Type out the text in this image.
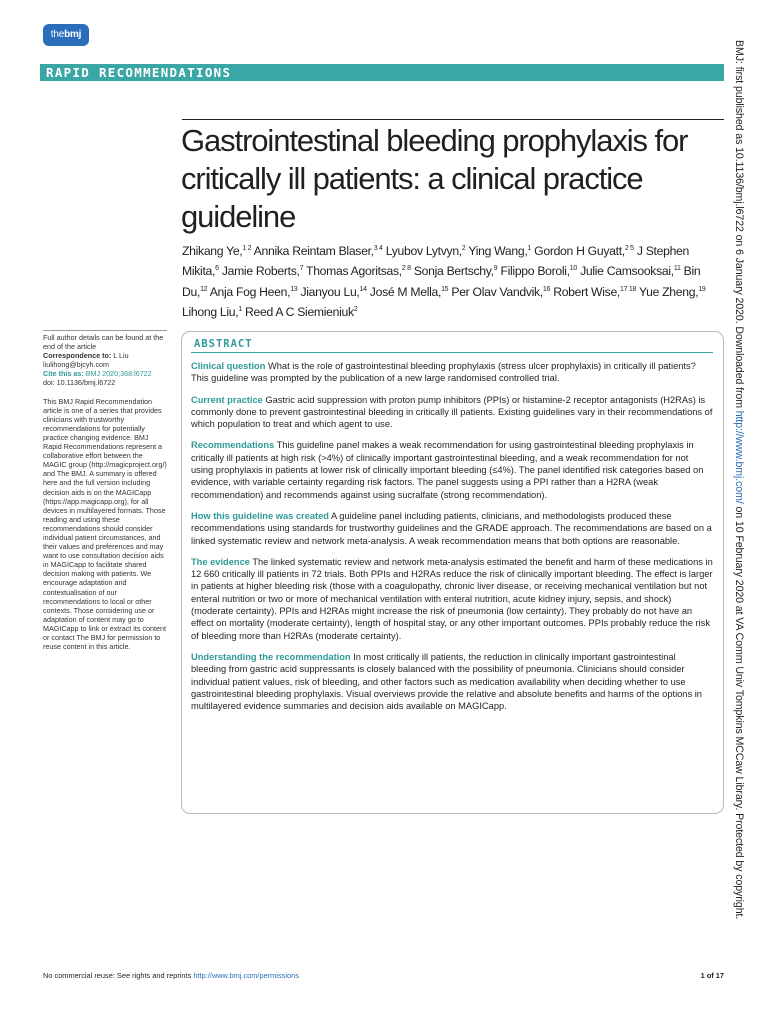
thebmj
RAPID RECOMMENDATIONS
Gastrointestinal bleeding prophylaxis for critically ill patients: a clinical practice guideline
Zhikang Ye,$^{1 2}$ Annika Reintam Blaser,$^{3 4}$ Lyubov Lytvyn,$^2$ Ying Wang,$^1$ Gordon H Guyatt,$^{2 5}$ J Stephen Mikita,$^6$ Jamie Roberts,$^7$ Thomas Agoritsas,$^{2 8}$ Sonja Bertschy,$^9$ Filippo Boroli,$^{10}$ Julie Camsooksai,$^{11}$ Bin Du,$^{12}$ Anja Fog Heen,$^{13}$ Jianyou Lu,$^{14}$ José M Mella,$^{15}$ Per Olav Vandvik,$^{16}$ Robert Wise,$^{17 18}$ Yue Zheng,$^{19}$ Lihong Liu,$^1$ Reed A C Siemieniuk$^2$

Full author details can be found at the end of the article
Correspondence to: L Liu
liulihong@bjcyh.com
Cite this as: BMJ 2020;368:l6722
doi: 10.1136/bmj.l6722

This BMJ Rapid Recommendation article is one of a series that provides clinicians with trustworthy recommendations for potentially practice changing evidence. BMJ Rapid Recommendations represent a collaborative effort between the MAGIC group (http://magicproject.org/) and The BMJ. A summary is offered here and the full version including decision aids is on the MAGICapp (https://app.magicapp.org), for all devices in multilayered formats. Those reading and using these recommendations should consider individual patient circumstances, and their values and preferences and may want to use consultation decision aids in MAGICapp to facilitate shared decision making with patients. We encourage adaptation and contextualisation of our recommendations to local or other contexts. Those considering use or adaptation of content may go to MAGICapp to link or extract its content or contact The BMJ for permission to reuse content in this article.

ABSTRACT

Clinical question What is the role of gastrointestinal bleeding prophylaxis (stress ulcer prophylaxis) in critically ill patients? This guideline was prompted by the publication of a new large randomised controlled trial.

Current practice Gastric acid suppression with proton pump inhibitors (PPIs) or histamine-2 receptor antagonists (H2RAs) is commonly done to prevent gastrointestinal bleeding in critically ill patients. Existing guidelines vary in their recommendations of which population to treat and which agent to use.

Recommendations This guideline panel makes a weak recommendation for using gastrointestinal bleeding prophylaxis in critically ill patients at high risk (>4%) of clinically important gastrointestinal bleeding, and a weak recommendation for not using prophylaxis in patients at lower risk of clinically important bleeding (≤4%). The panel identified risk categories based on evidence, with variable certainty regarding risk factors. The panel suggests using a PPI rather than a H2RA (weak recommendation) and recommends against using sucralfate (strong recommendation).

How this guideline was created A guideline panel including patients, clinicians, and methodologists produced these recommendations using standards for trustworthy guidelines and the GRADE approach. The recommendations are based on a linked systematic review and network meta-analysis. A weak recommendation means that both options are reasonable.

The evidence The linked systematic review and network meta-analysis estimated the benefit and harm of these medications in 12 660 critically ill patients in 72 trials. Both PPIs and H2RAs reduce the risk of clinically important bleeding. The effect is larger in patients at higher bleeding risk (those with a coagulopathy, chronic liver disease, or receiving mechanical ventilation but not enteral nutrition or two or more of mechanical ventilation with enteral nutrition, acute kidney injury, sepsis, and shock) (moderate certainty). PPIs and H2RAs might increase the risk of pneumonia (low certainty). They probably do not have an effect on mortality (moderate certainty), length of hospital stay, or any other important outcomes. PPIs probably reduce the risk of bleeding more than H2RAs (moderate certainty).

Understanding the recommendation In most critically ill patients, the reduction in clinically important gastrointestinal bleeding from gastric acid suppressants is closely balanced with the possibility of pneumonia. Clinicians should consider individual patient values, risk of bleeding, and other factors such as medication availability when deciding whether to use gastrointestinal bleeding prophylaxis. Visual overviews provide the relative and absolute benefits and harms of the options in multilayered evidence summaries and decision aids available on MAGICapp.

BMJ: first published as 10.1136/bmj.l6722 on 6 January 2020. Downloaded from http://www.bmj.com/ on 10 February 2020 at VA Comm Univ Tompkins MCCaw Library. Protected by copyright.
No commercial reuse: See rights and reprints http://www.bmj.com/permissions	1 of 17
